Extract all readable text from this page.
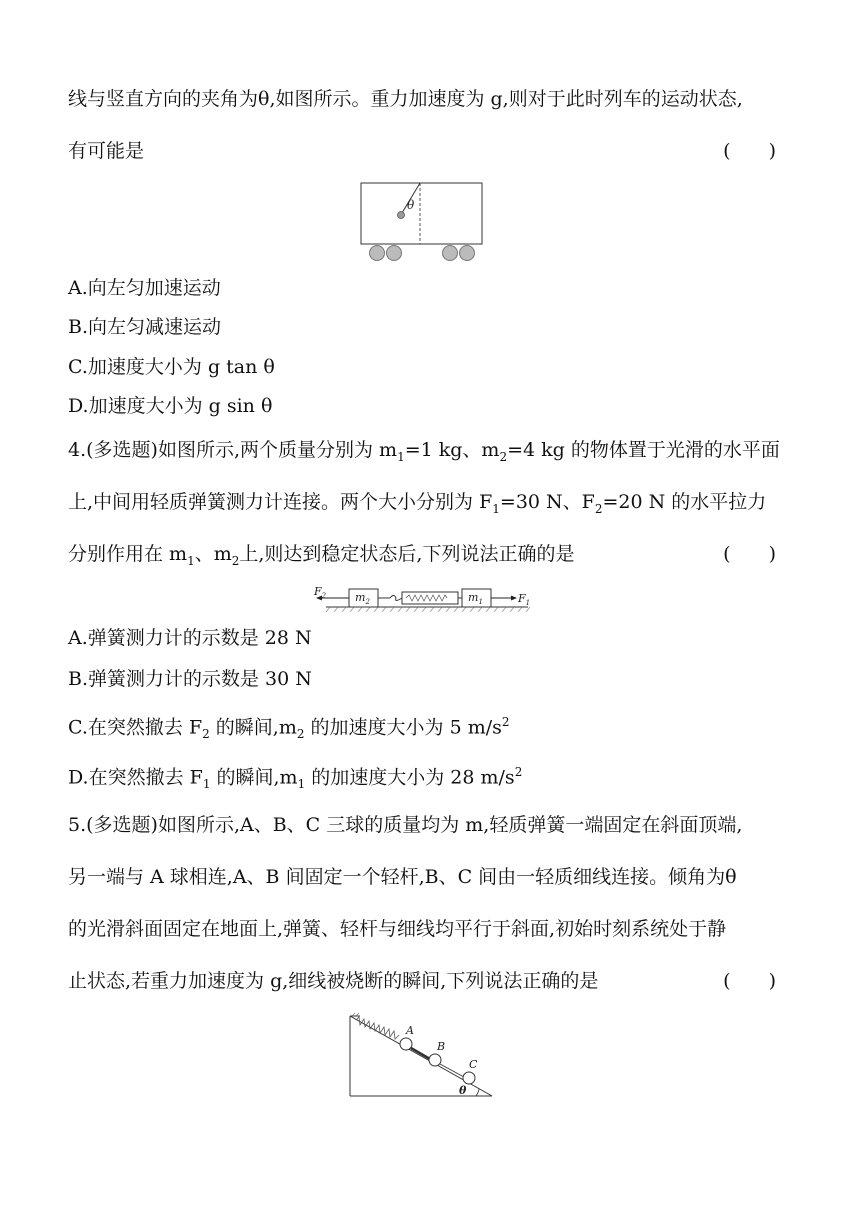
线与竖直方向的夹角为θ,如图所示。重力加速度为 g,则对于此时列车的运动状态,
有可能是	(　　)
θ
A.向左匀加速运动
B.向左匀减速运动
C.加速度大小为 g tan θ
D.加速度大小为 g sin θ
4.(多选题)如图所示,两个质量分别为 $m_1=1$ kg、$m_2=4$ kg 的物体置于光滑的水平面
上,中间用轻质弹簧测力计连接。两个大小分别为 $F_1=30$ N、$F_2=20$ N 的水平拉力
分别作用在 $m_1$、$m_2$上,则达到稳定状态后,下列说法正确的是	(　　)
$F_2$	$m_2$	$m_1$	$F_1$
A.弹簧测力计的示数是 28 N
B.弹簧测力计的示数是 30 N
C.在突然撤去 $F_2$ 的瞬间$,m_2$ 的加速度大小为 5 $m/s^2$
D.在突然撤去 $F_1$ 的瞬间$,m_1$ 的加速度大小为 28 $m/s^2$
5.(多选题)如图所示,A、B、C 三球的质量均为 m,轻质弹簧一端固定在斜面顶端,
另一端与 A 球相连,A、B 间固定一个轻杆,B、C 间由一轻质细线连接。倾角为θ
的光滑斜面固定在地面上,弹簧、轻杆与细线均平行于斜面,初始时刻系统处于静
止状态,若重力加速度为 g,细线被烧断的瞬间,下列说法正确的是	(　　)
A
B
C
θ
